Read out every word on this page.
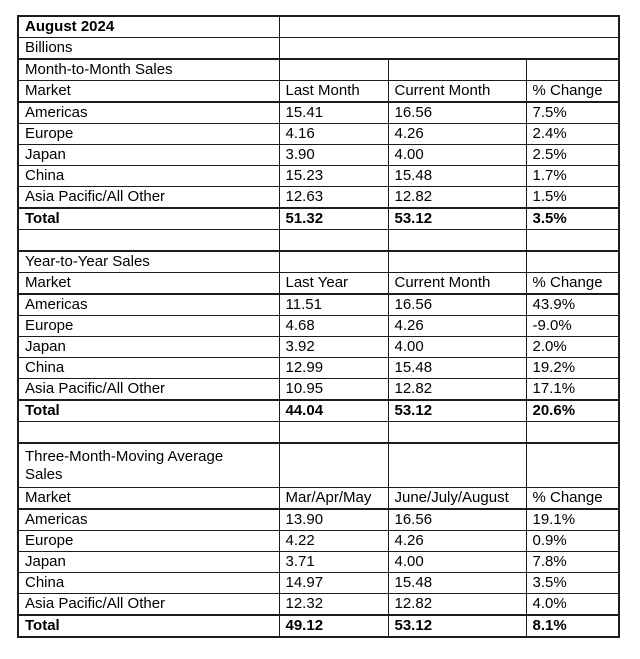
August 2024			
Billions			
Month-to-Month Sales			
Market	Last Month	Current Month	% Change
Americas	15.41	16.56	7.5%
Europe	4.16	4.26	2.4%
Japan	3.90	4.00	2.5%
China	15.23	15.48	1.7%
Asia Pacific/All Other	12.63	12.82	1.5%
Total	51.32	53.12	3.5%

Year-to-Year Sales			
Market	Last Year	Current Month	% Change
Americas	11.51	16.56	43.9%
Europe	4.68	4.26	-9.0%
Japan	3.92	4.00	2.0%
China	12.99	15.48	19.2%
Asia Pacific/All Other	10.95	12.82	17.1%
Total	44.04	53.12	20.6%

Three-Month-Moving Average Sales			
Market	Mar/Apr/May	June/July/August	% Change
Americas	13.90	16.56	19.1%
Europe	4.22	4.26	0.9%
Japan	3.71	4.00	7.8%
China	14.97	15.48	3.5%
Asia Pacific/All Other	12.32	12.82	4.0%
Total	49.12	53.12	8.1%
